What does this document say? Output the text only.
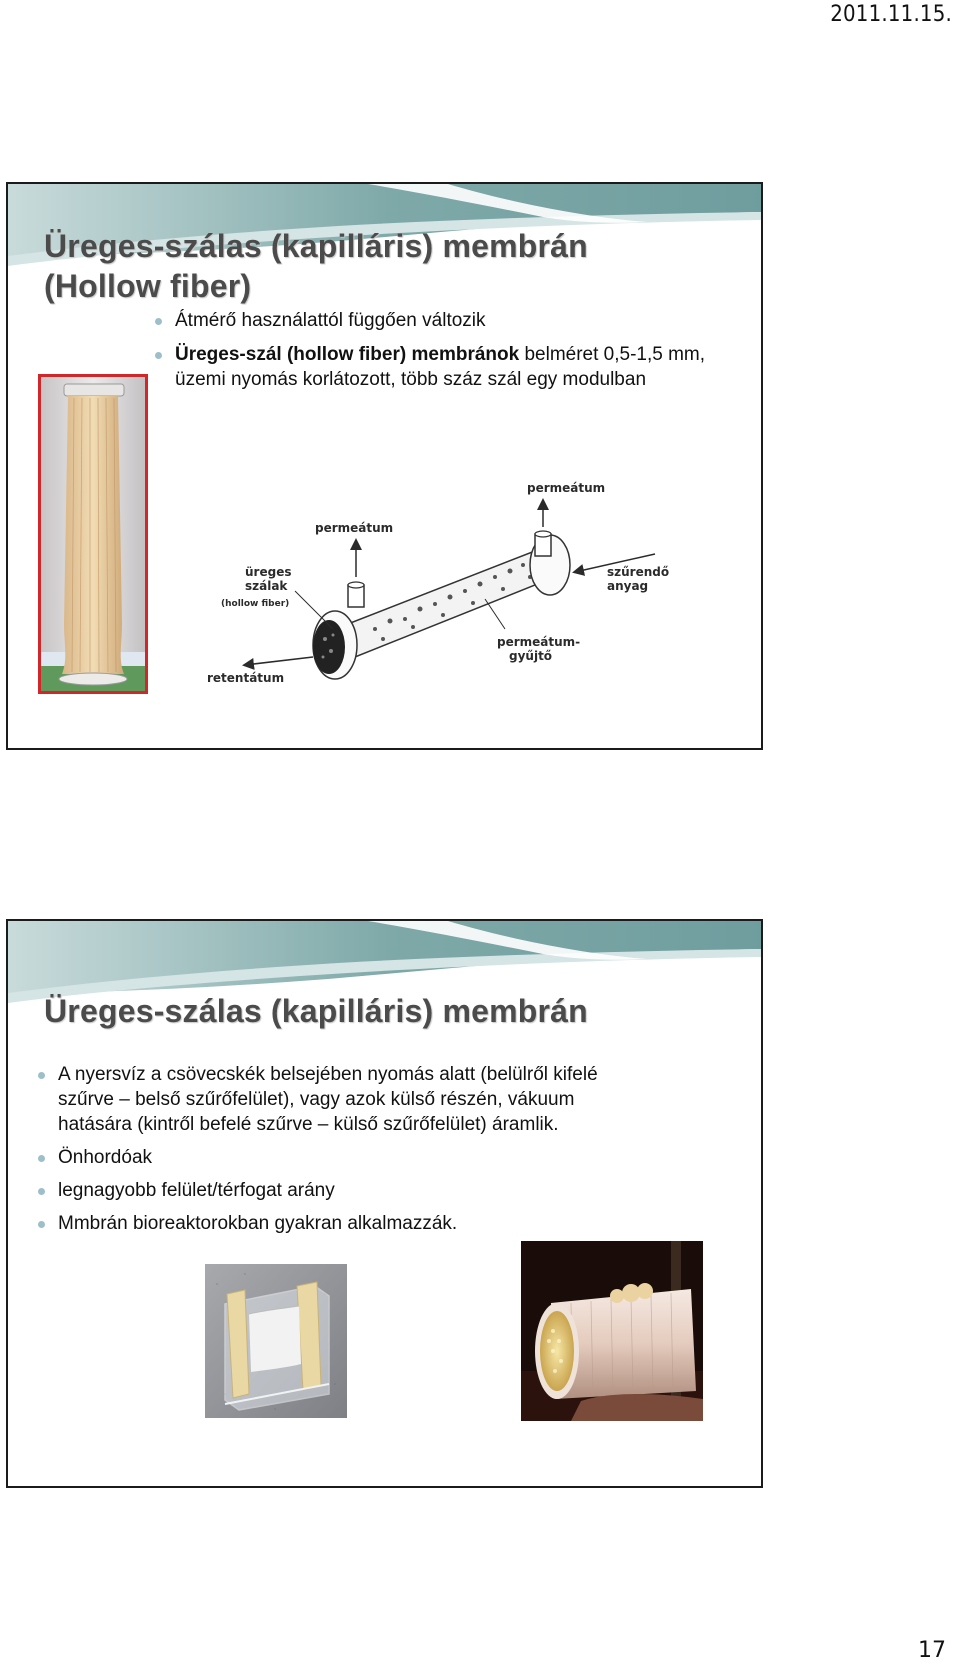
2011.11.15.
Üreges-szálas (kapilláris) membrán
(Hollow fiber)
Átmérő használattól függően változik
Üreges-szál (hollow fiber) membránok belméret 0,5-1,5 mm,
üzemi nyomás korlátozott, több száz szál egy modulban
permeátum
permeátum
üreges
szálak
(hollow fiber)
szűrendő
anyag
permeátum-
gyűjtő
retentátum
Üreges-szálas (kapilláris) membrán
A nyersvíz a csövecskék belsejében nyomás alatt (belülről kifelé
szűrve – belső szűrőfelület), vagy azok külső részén, vákuum
hatására (kintről befelé szűrve – külső szűrőfelület) áramlik.
Önhordóak
legnagyobb felület/térfogat arány
Mmbrán bioreaktorokban gyakran alkalmazzák.
17
